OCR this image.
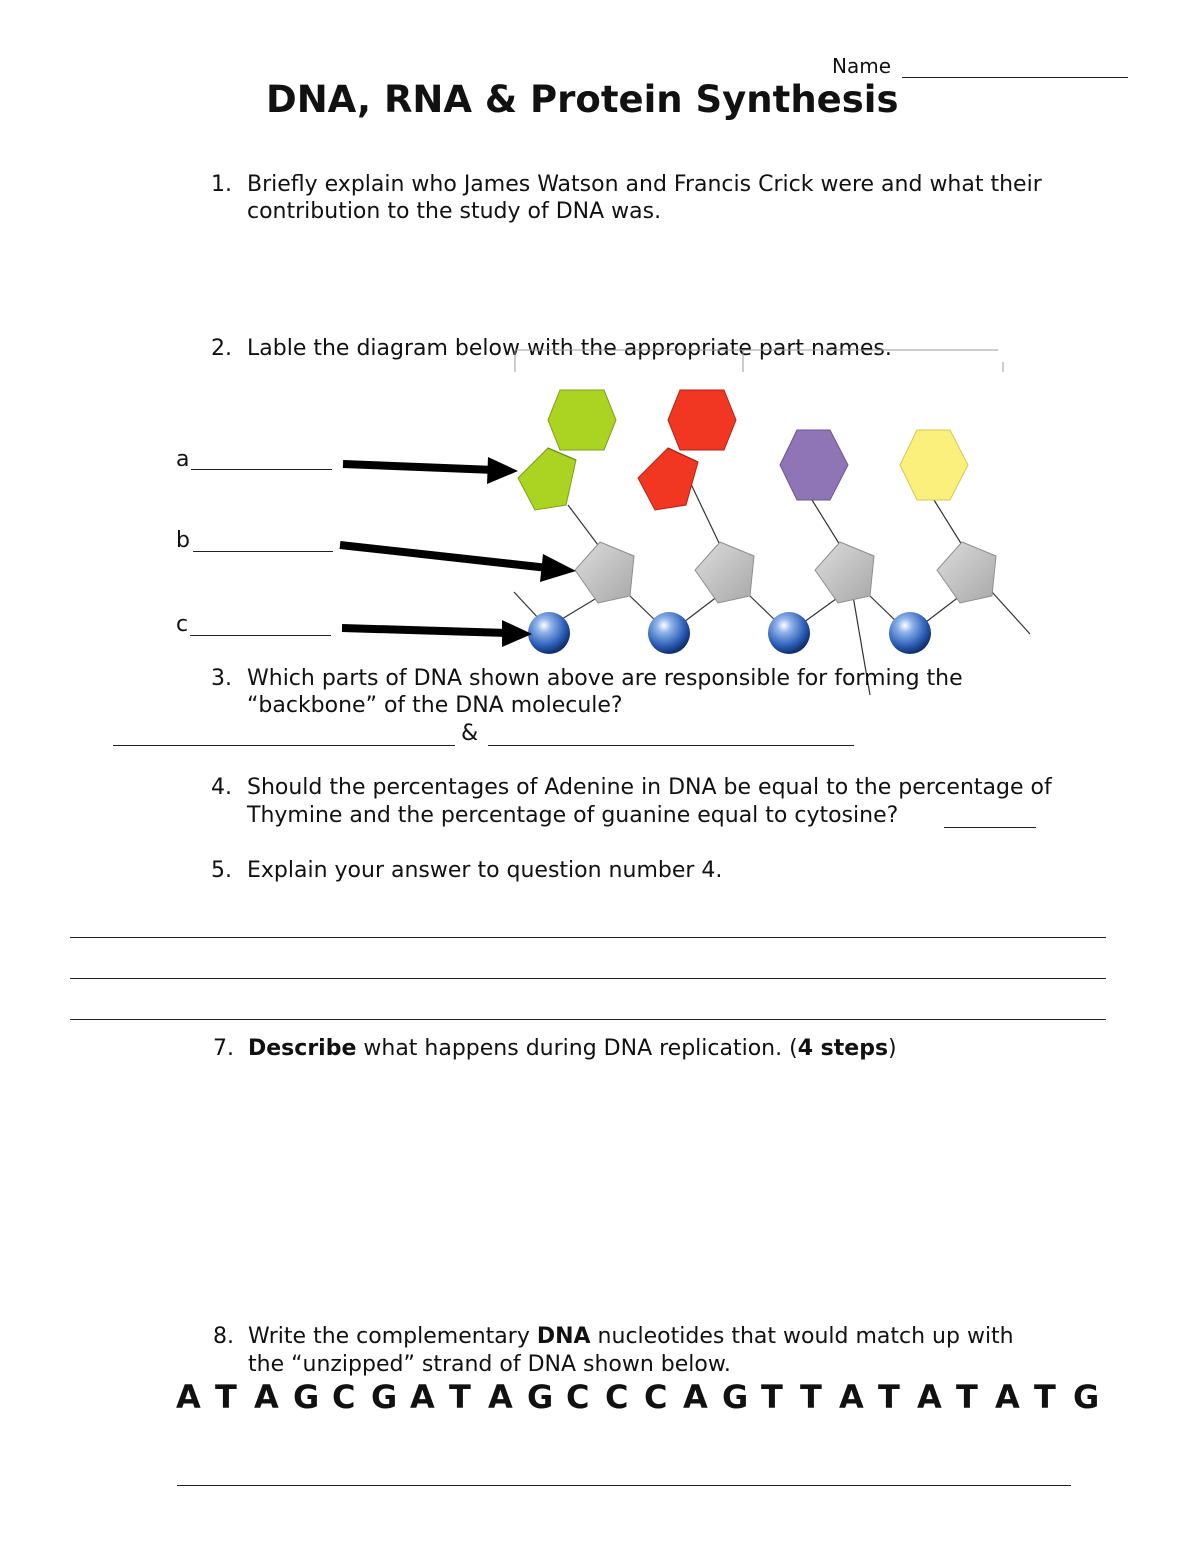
Name
DNA, RNA & Protein Synthesis
1. Briefly explain who James Watson and Francis Crick were and what their
contribution to the study of DNA was.
2. Lable the diagram below with the appropriate part names.
a
b
c
3. Which parts of DNA shown above are responsible for forming the
“backbone” of the DNA molecule?
&
4. Should the percentages of Adenine in DNA be equal to the percentage of
Thymine and the percentage of guanine equal to cytosine?
5. Explain your answer to question number 4.
7. Describe what happens during DNA replication. (4 steps)
8. Write the complementary DNA nucleotides that would match up with
the “unzipped” strand of DNA shown below.
A T A G C G A T A G C C C A G T T A T A T A T G
